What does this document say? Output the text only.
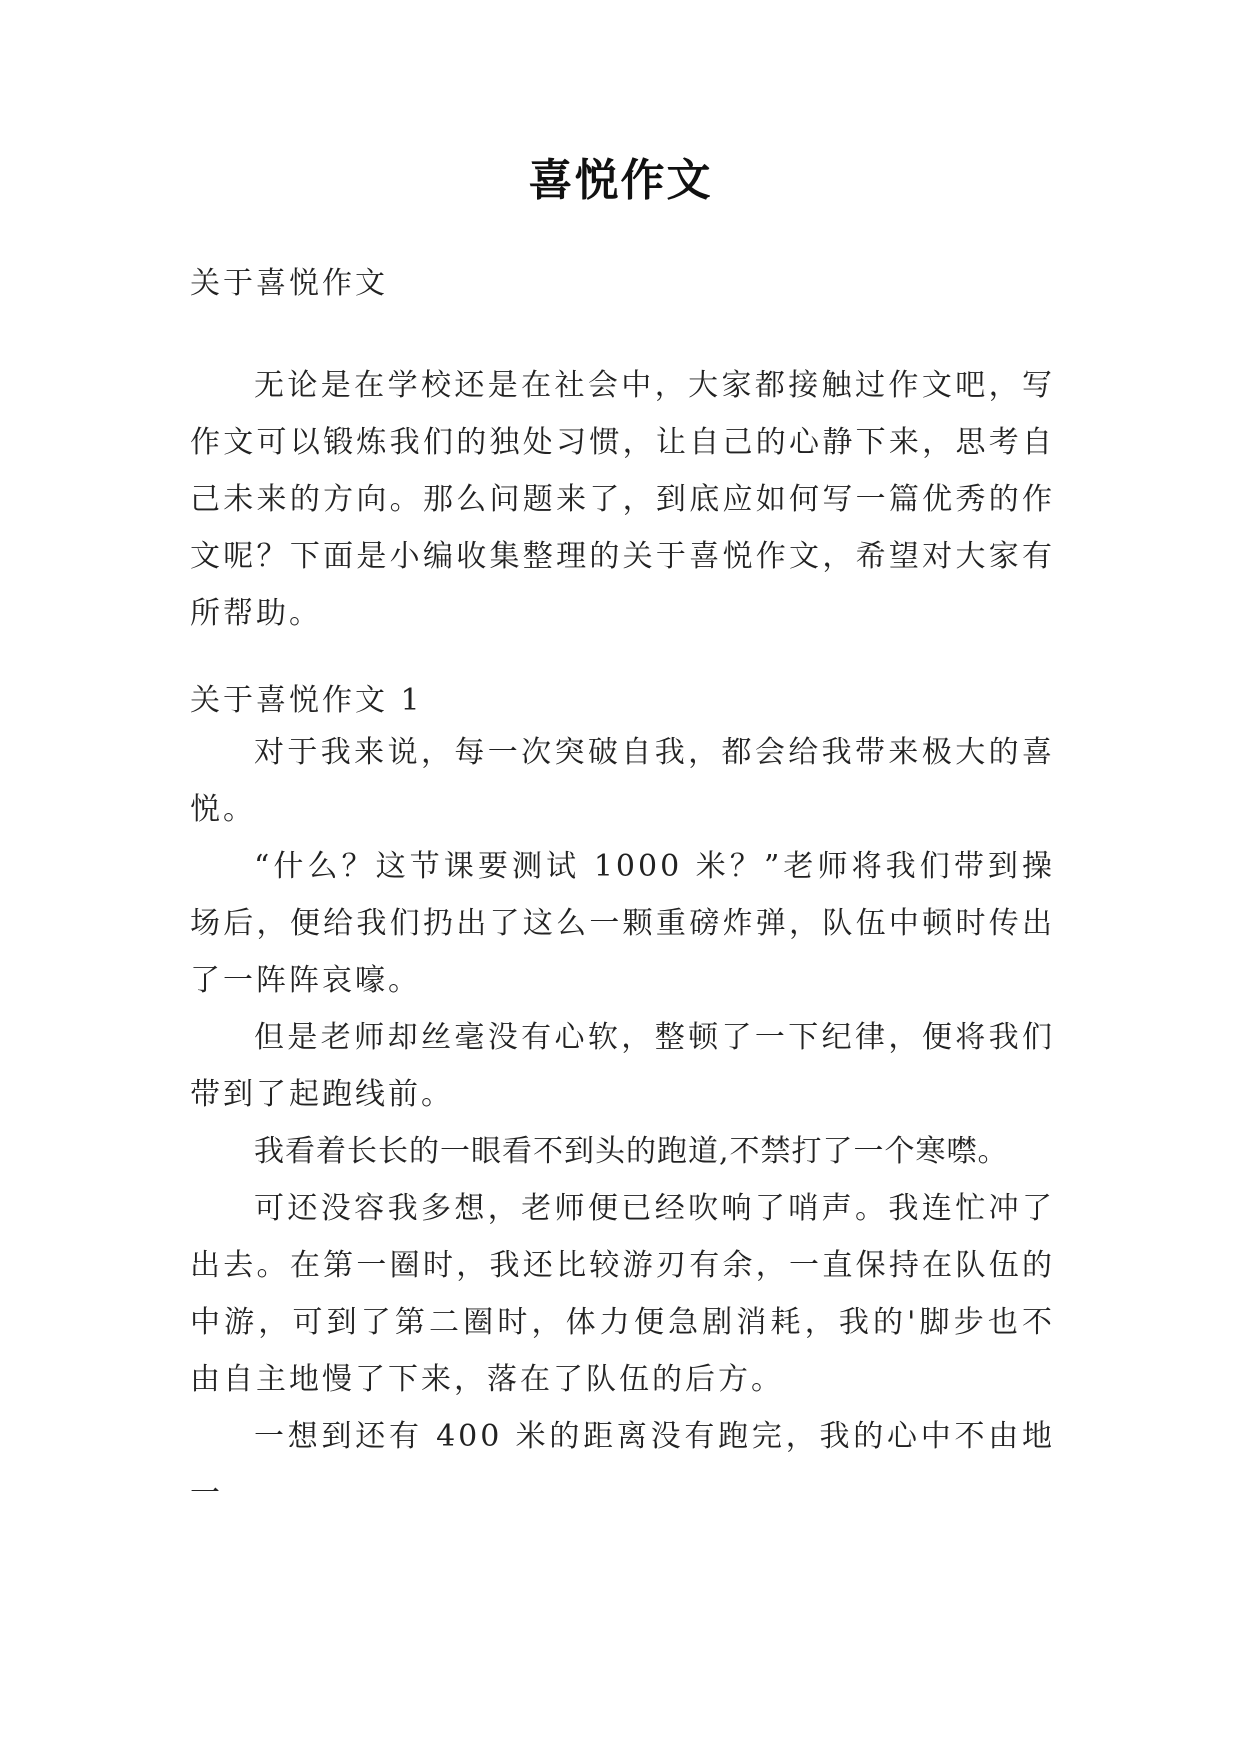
喜悦作文
关于喜悦作文

无论是在学校还是在社会中，大家都接触过作文吧，写作文可以锻炼我们的独处习惯，让自己的心静下来，思考自己未来的方向。那么问题来了，到底应如何写一篇优秀的作文呢？下面是小编收集整理的关于喜悦作文，希望对大家有所帮助。

关于喜悦作文 1

对于我来说，每一次突破自我，都会给我带来极大的喜悦。

“什么？这节课要测试 1000 米？”老师将我们带到操场后，便给我们扔出了这么一颗重磅炸弹，队伍中顿时传出了一阵阵哀嚎。

但是老师却丝毫没有心软，整顿了一下纪律，便将我们带到了起跑线前。

我看着长长的一眼看不到头的跑道,不禁打了一个寒噤。

可还没容我多想，老师便已经吹响了哨声。我连忙冲了出去。在第一圈时，我还比较游刃有余，一直保持在队伍的中游，可到了第二圈时，体力便急剧消耗，我的'脚步也不由自主地慢了下来，落在了队伍的后方。

一想到还有 400 米的距离没有跑完，我的心中不由地一
